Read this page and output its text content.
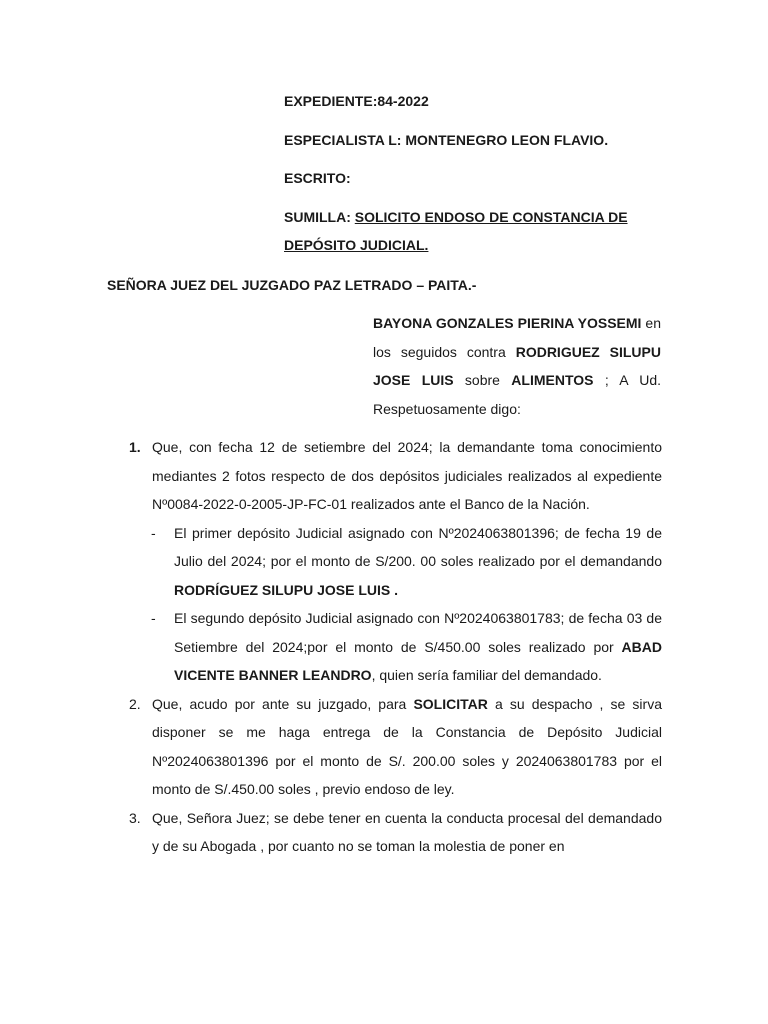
EXPEDIENTE:84-2022

ESPECIALISTA L: MONTENEGRO LEON FLAVIO.

ESCRITO:

SUMILLA: SOLICITO ENDOSO DE CONSTANCIA DE DEPÓSITO JUDICIAL.

SEÑORA JUEZ DEL JUZGADO PAZ LETRADO – PAITA.-

BAYONA GONZALES PIERINA YOSSEMI en los seguidos contra RODRIGUEZ SILUPU JOSE LUIS sobre ALIMENTOS ; A Ud. Respetuosamente digo:

1. Que, con fecha 12 de setiembre del 2024; la demandante toma conocimiento mediantes 2 fotos respecto de dos depósitos judiciales realizados al expediente Nº0084-2022-0-2005-JP-FC-01 realizados ante el Banco de la Nación.

- El primer depósito Judicial asignado con Nº2024063801396; de fecha 19 de Julio del 2024; por el monto de S/200. 00 soles realizado por el demandando RODRÍGUEZ SILUPU JOSE LUIS .

- El segundo depósito Judicial asignado con Nº2024063801783; de fecha 03 de Setiembre del 2024;por el monto de S/450.00 soles realizado por ABAD VICENTE BANNER LEANDRO, quien sería familiar del demandado.

2. Que, acudo por ante su juzgado, para SOLICITAR a su despacho , se sirva disponer se me haga entrega de la Constancia de Depósito Judicial Nº2024063801396 por el monto de S/. 200.00 soles y 2024063801783 por el monto de S/.450.00 soles , previo endoso de ley.

3. Que, Señora Juez; se debe tener en cuenta la conducta procesal del demandado y de su Abogada , por cuanto no se toman la molestia de poner en
